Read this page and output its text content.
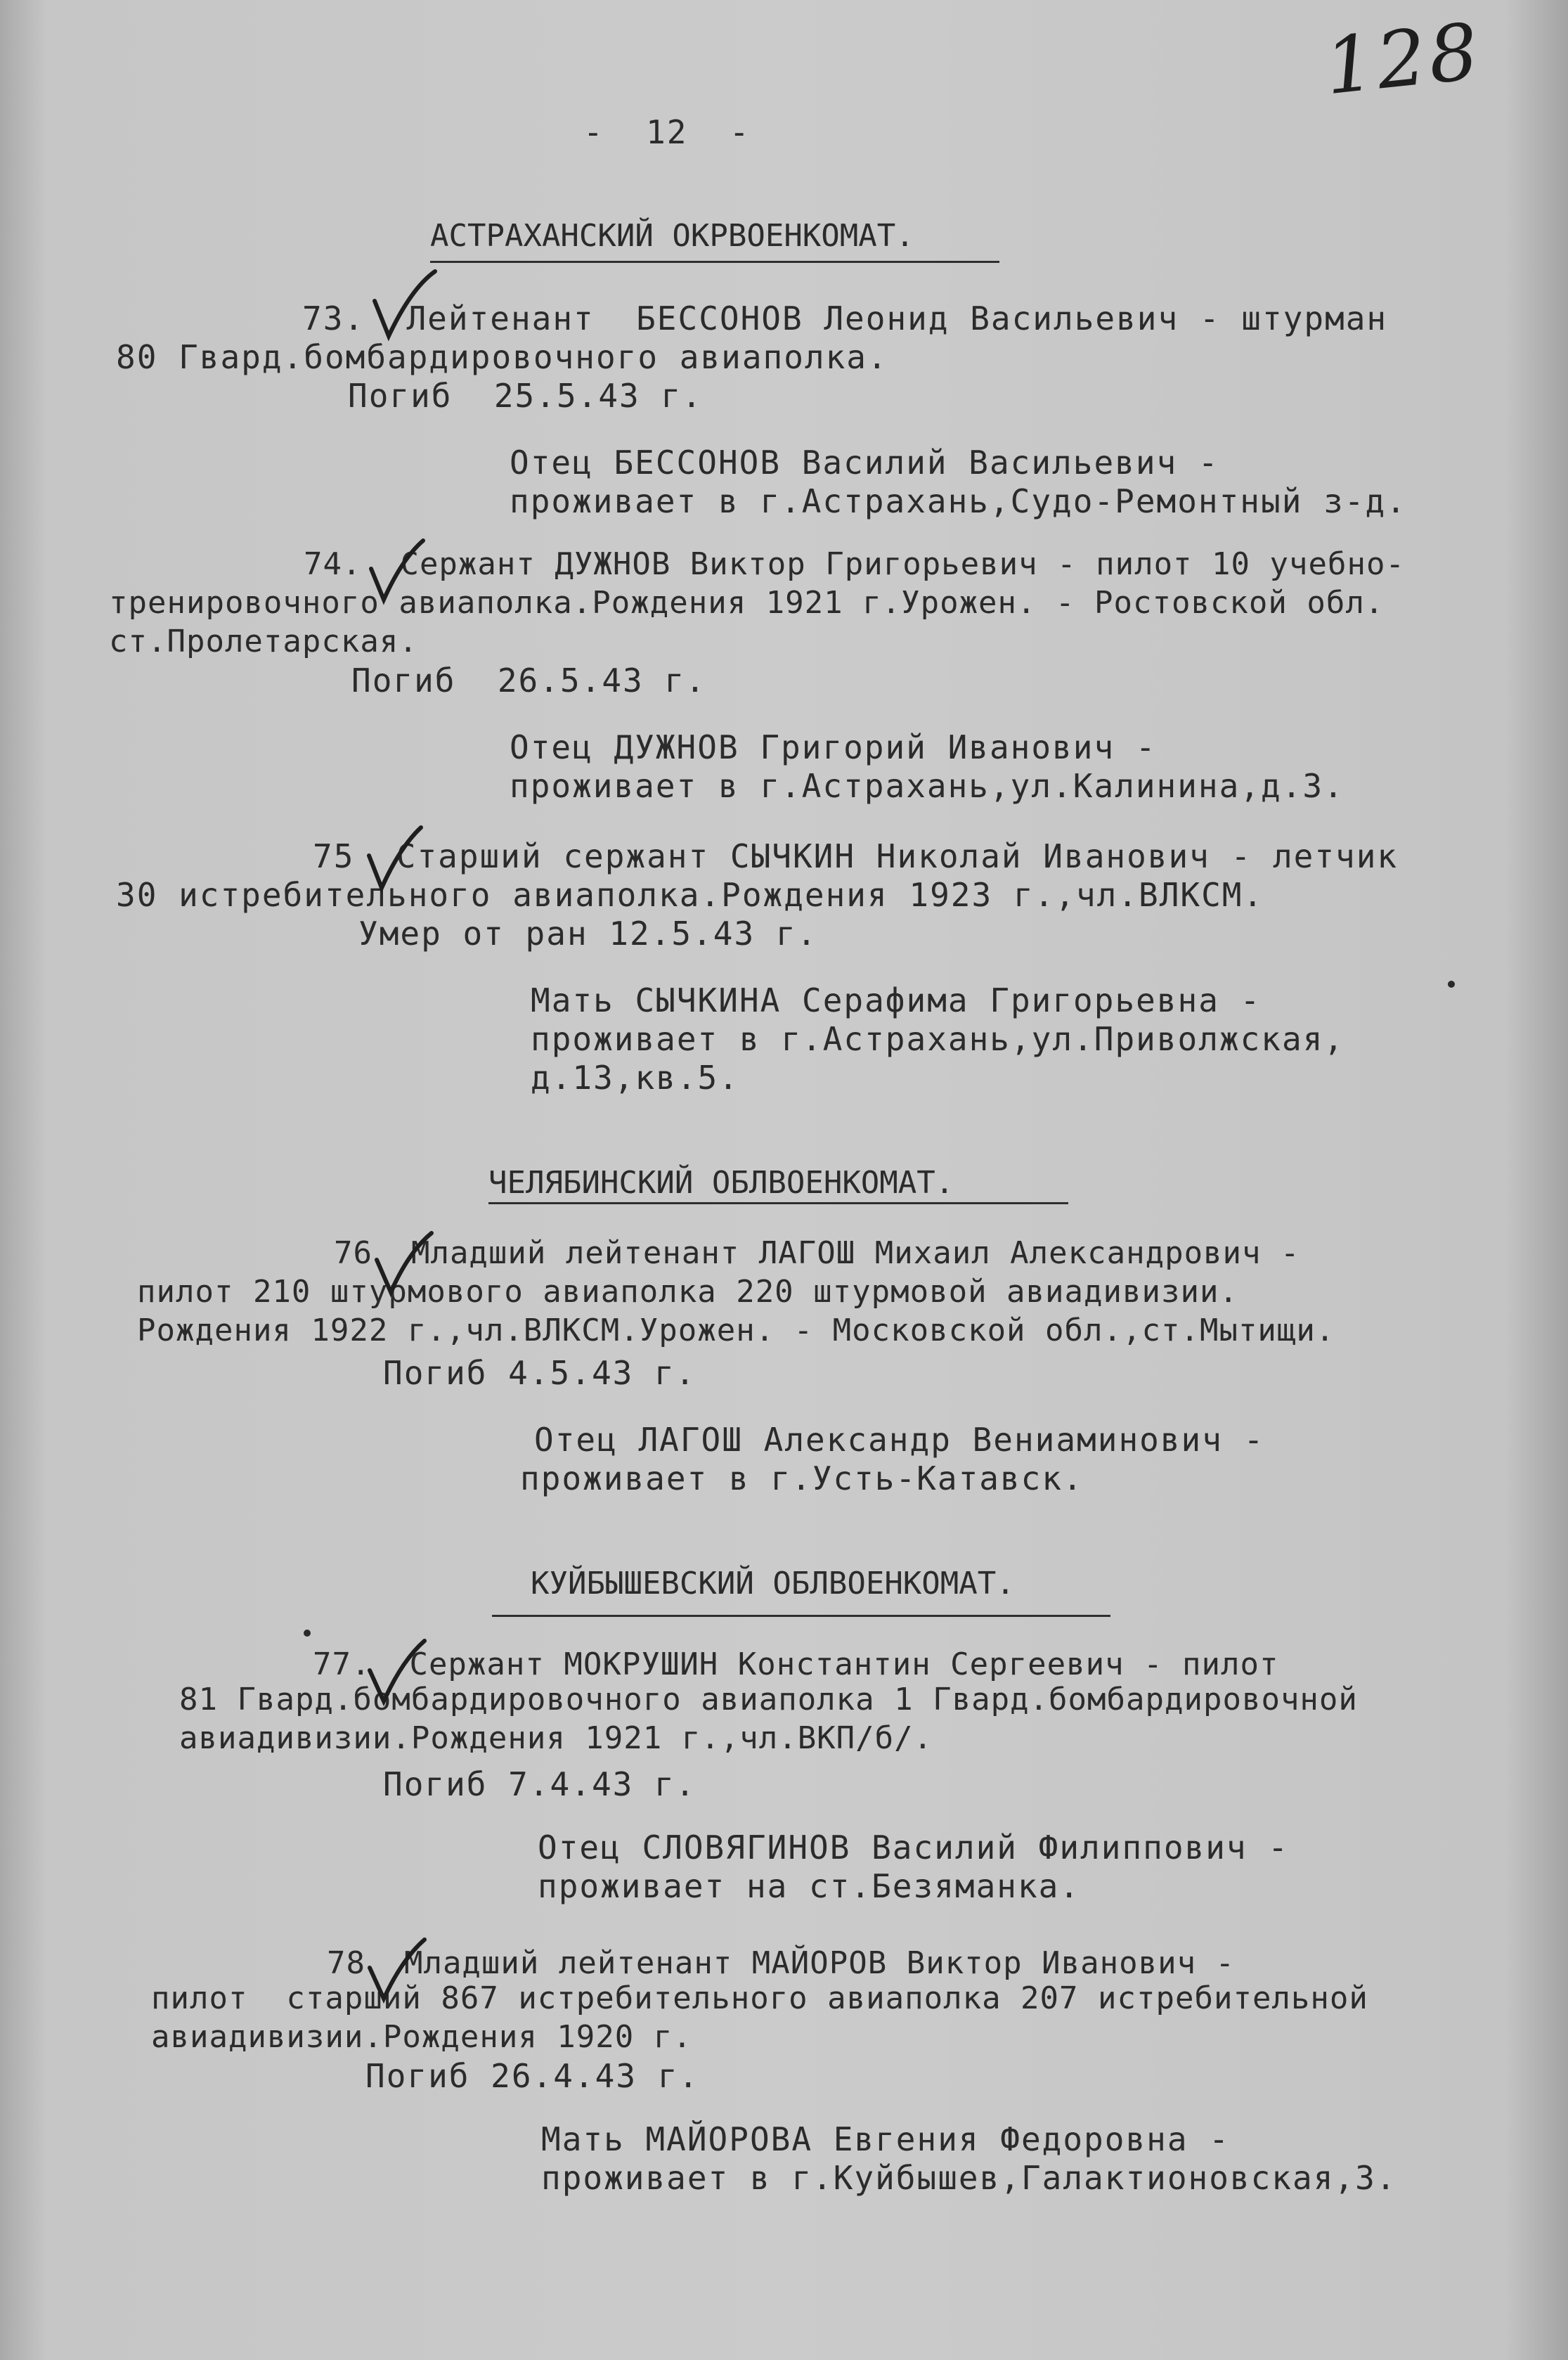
128
-  12  -
АСТРАХАНСКИЙ ОКРВОЕНКОМАТ.
73.  Лейтенант  БЕССОНОВ Леонид Васильевич - штурман
80 Гвард.бомбардировочного авиаполка.
Погиб  25.5.43 г.
Отец БЕССОНОВ Василий Васильевич -
проживает в г.Астрахань,Судо-Ремонтный з-д.
74.  Сержант ДУЖНОВ Виктор Григорьевич - пилот 10 учебно-
тренировочного авиаполка.Рождения 1921 г.Урожен. - Ростовской обл.
ст.Пролетарская.
Погиб  26.5.43 г.
Отец ДУЖНОВ Григорий Иванович -
проживает в г.Астрахань,ул.Калинина,д.3.
75  Старший сержант СЫЧКИН Николай Иванович - летчик
30 истребительного авиаполка.Рождения 1923 г.,чл.ВЛКСМ.
Умер от ран 12.5.43 г.
Мать СЫЧКИНА Серафима Григорьевна -
проживает в г.Астрахань,ул.Приволжская,
д.13,кв.5.
ЧЕЛЯБИНСКИЙ ОБЛВОЕНКОМАТ.
76  Младший лейтенант ЛАГОШ Михаил Александрович -
пилот 210 штурмового авиаполка 220 штурмовой авиадивизии.
Рождения 1922 г.,чл.ВЛКСМ.Урожен. - Московской обл.,ст.Мытищи.
Погиб 4.5.43 г.
Отец ЛАГОШ Александр Вениаминович -
проживает в г.Усть-Катавск.
КУЙБЫШЕВСКИЙ ОБЛВОЕНКОМАТ.
77.  Сержант МОКРУШИН Константин Сергеевич - пилот
81 Гвард.бомбардировочного авиаполка 1 Гвард.бомбардировочной
авиадивизии.Рождения 1921 г.,чл.ВКП/б/.
Погиб 7.4.43 г.
Отец СЛОВЯГИНОВ Василий Филиппович -
проживает на ст.Безяманка.
78  Младший лейтенант МАЙОРОВ Виктор Иванович -
пилот  старший 867 истребительного авиаполка 207 истребительной
авиадивизии.Рождения 1920 г.
Погиб 26.4.43 г.
Мать МАЙОРОВА Евгения Федоровна -
проживает в г.Куйбышев,Галактионовская,3.
